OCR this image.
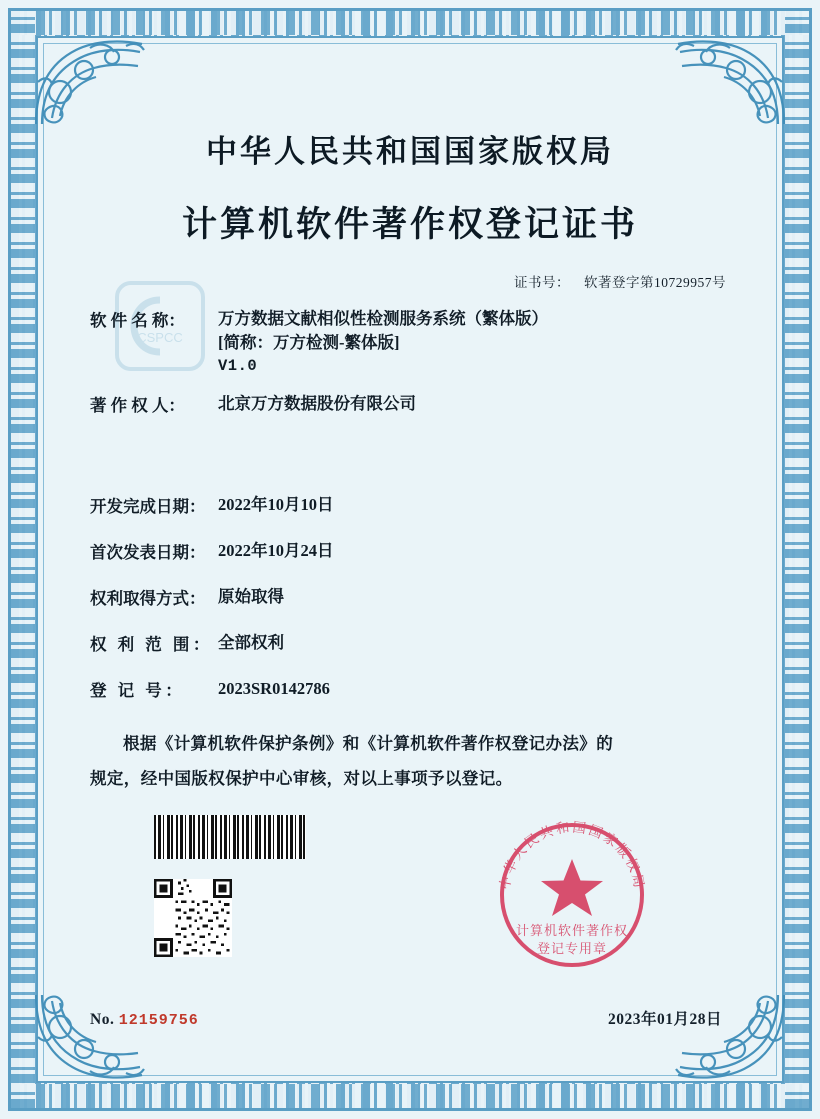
中华人民共和国国家版权局
计算机软件著作权登记证书
证书号： 软著登字第10729957号
CSPCC
软 件 名 称：	万方数据文献相似性检测服务系统（繁体版）
[简称：万方检测-繁体版]
V1.0
著 作 权 人：	北京万方数据股份有限公司
开发完成日期： 2022年10月10日
首次发表日期： 2022年10月24日
权利取得方式： 原始取得
权 利 范 围： 全部权利
登 记 号：	2023SR0142786
根据《计算机软件保护条例》和《计算机软件著作权登记办法》的
规定，经中国版权保护中心审核，对以上事项予以登记。
中华人民共和国国家版权局
计算机软件著作权
登记专用章
No. 12159756	2023年01月28日
